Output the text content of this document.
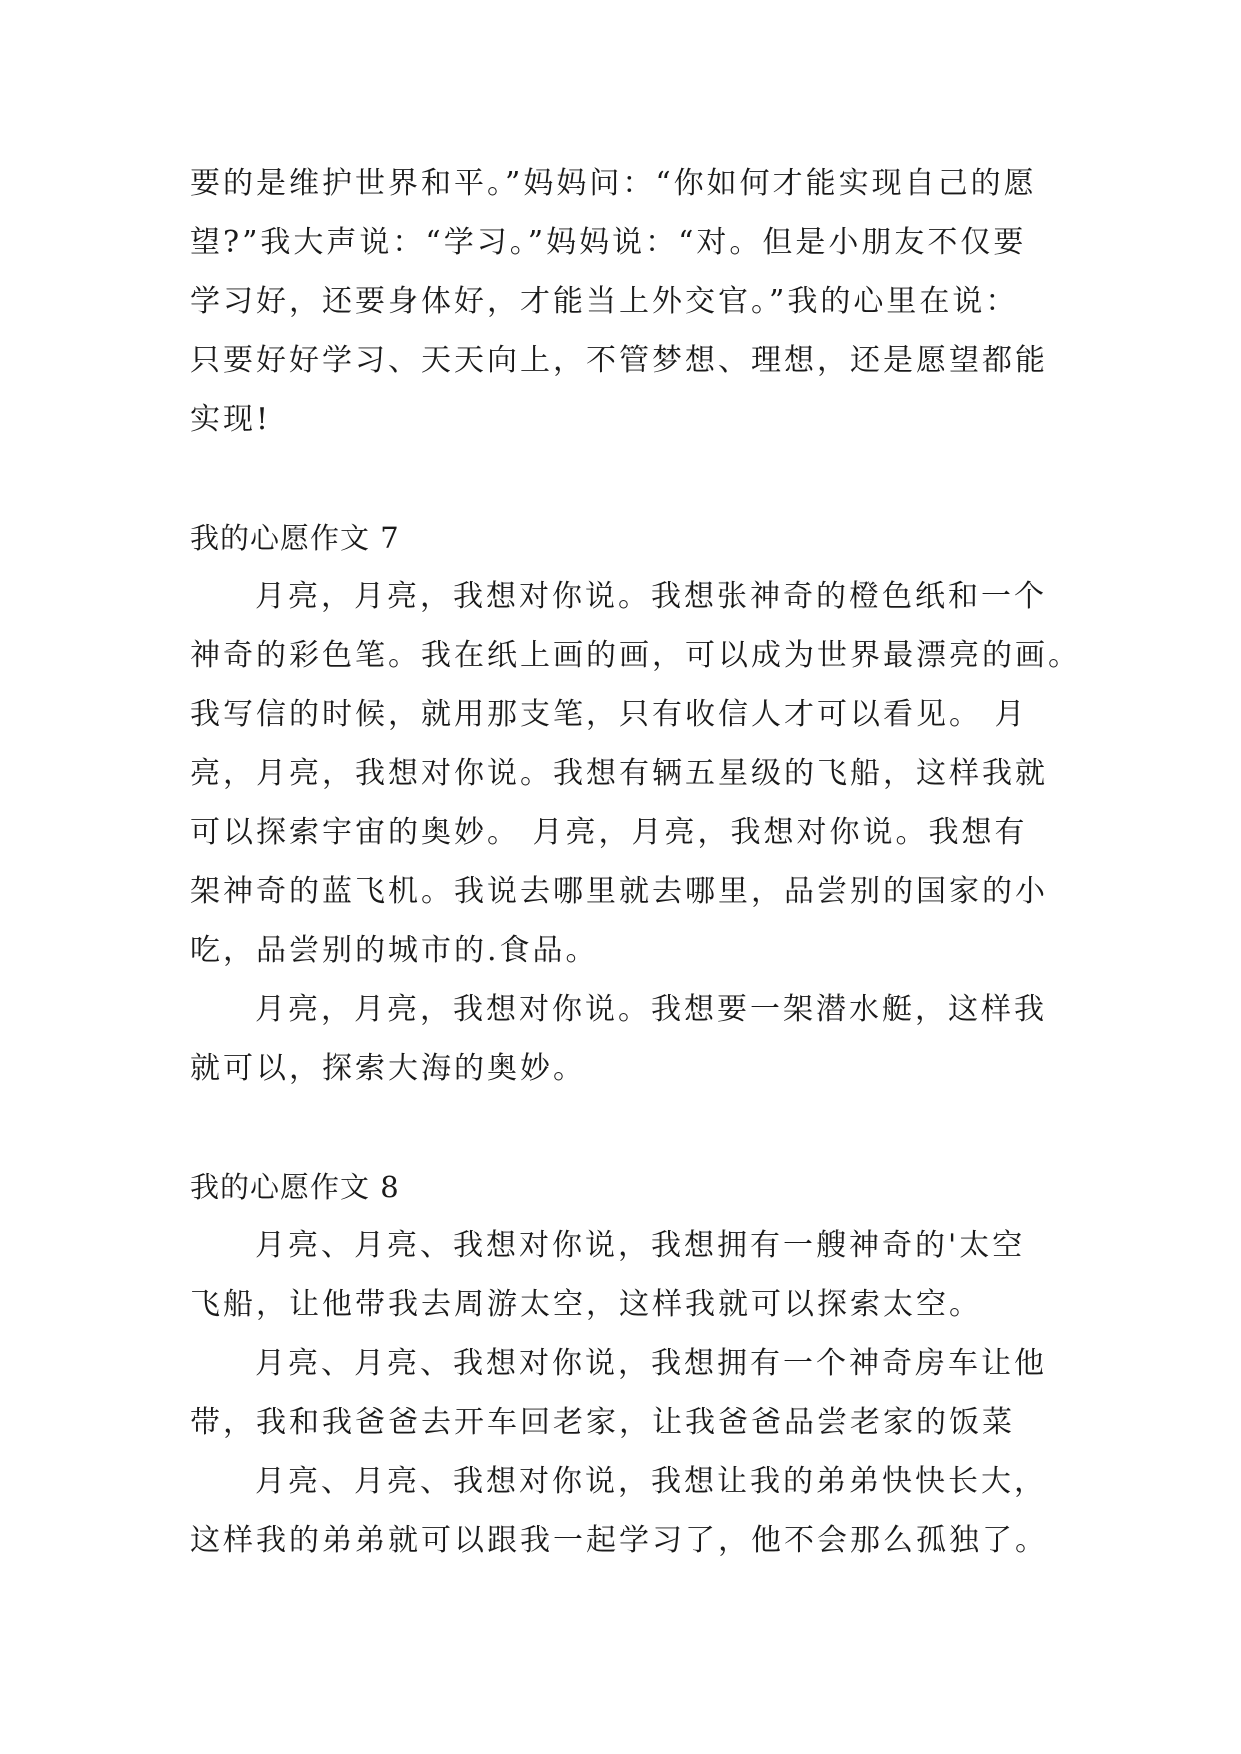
要的是维护世界和平。”妈妈问：“你如何才能实现自己的愿

望?”我大声说：“学习。”妈妈说：“对。但是小朋友不仅要

学习好，还要身体好，才能当上外交官。”我的心里在说：

只要好好学习、天天向上，不管梦想、理想，还是愿望都能

实现!

我的心愿作文 7

月亮，月亮，我想对你说。我想张神奇的橙色纸和一个

神奇的彩色笔。我在纸上画的画，可以成为世界最漂亮的画。

我写信的时候，就用那支笔，只有收信人才可以看见。 月

亮，月亮，我想对你说。我想有辆五星级的飞船，这样我就

可以探索宇宙的奥妙。 月亮，月亮，我想对你说。我想有

架神奇的蓝飞机。我说去哪里就去哪里，品尝别的国家的小

吃，品尝别的城市的.食品。

月亮，月亮，我想对你说。我想要一架潜水艇，这样我

就可以，探索大海的奥妙。

我的心愿作文 8

月亮、月亮、我想对你说，我想拥有一艘神奇的'太空

飞船，让他带我去周游太空，这样我就可以探索太空。

月亮、月亮、我想对你说，我想拥有一个神奇房车让他

带，我和我爸爸去开车回老家，让我爸爸品尝老家的饭菜

月亮、月亮、我想对你说，我想让我的弟弟快快长大，

这样我的弟弟就可以跟我一起学习了，他不会那么孤独了。
